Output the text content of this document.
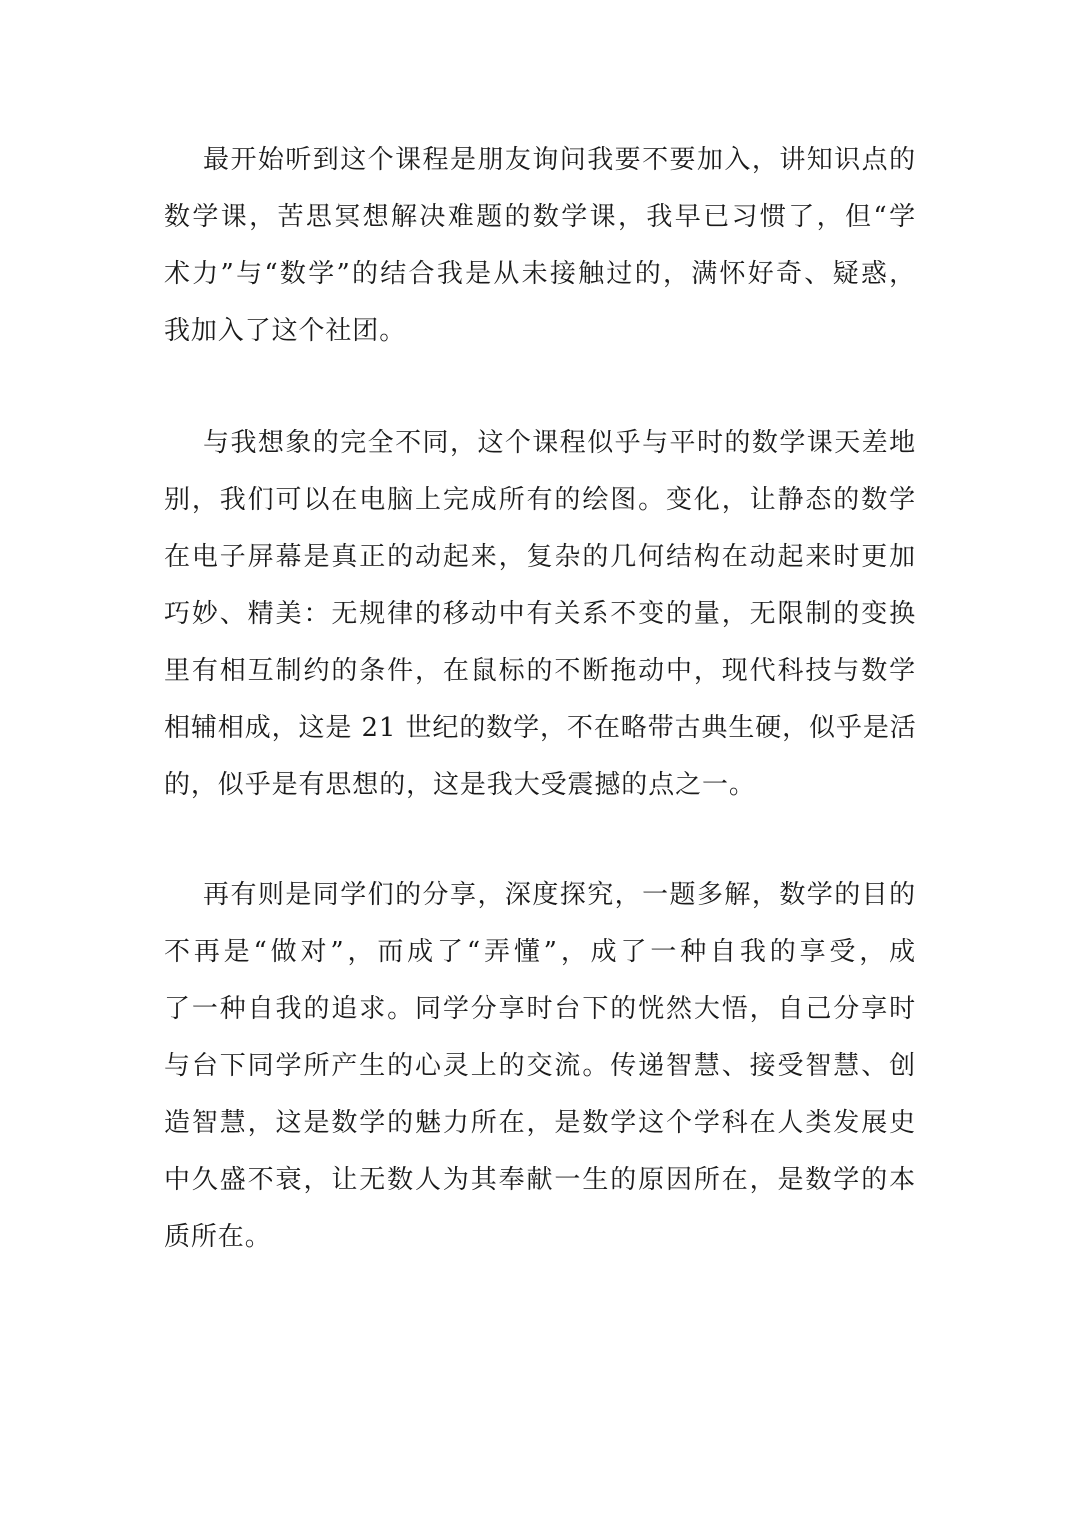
最开始听到这个课程是朋友询问我要不要加入，讲知识点的
数学课，苦思冥想解决难题的数学课，我早已习惯了，但“学
术力”与“数学”的结合我是从未接触过的，满怀好奇、疑惑，
我加入了这个社团。
与我想象的完全不同，这个课程似乎与平时的数学课天差地
别，我们可以在电脑上完成所有的绘图。变化，让静态的数学
在电子屏幕是真正的动起来，复杂的几何结构在动起来时更加
巧妙、精美：无规律的移动中有关系不变的量，无限制的变换
里有相互制约的条件，在鼠标的不断拖动中，现代科技与数学
相辅相成，这是 21 世纪的数学，不在略带古典生硬，似乎是活
的，似乎是有思想的，这是我大受震撼的点之一。
再有则是同学们的分享，深度探究，一题多解，数学的目的
不再是“做对”，而成了“弄懂”，成了一种自我的享受，成
了一种自我的追求。同学分享时台下的恍然大悟，自己分享时
与台下同学所产生的心灵上的交流。传递智慧、接受智慧、创
造智慧，这是数学的魅力所在，是数学这个学科在人类发展史
中久盛不衰，让无数人为其奉献一生的原因所在，是数学的本
质所在。
